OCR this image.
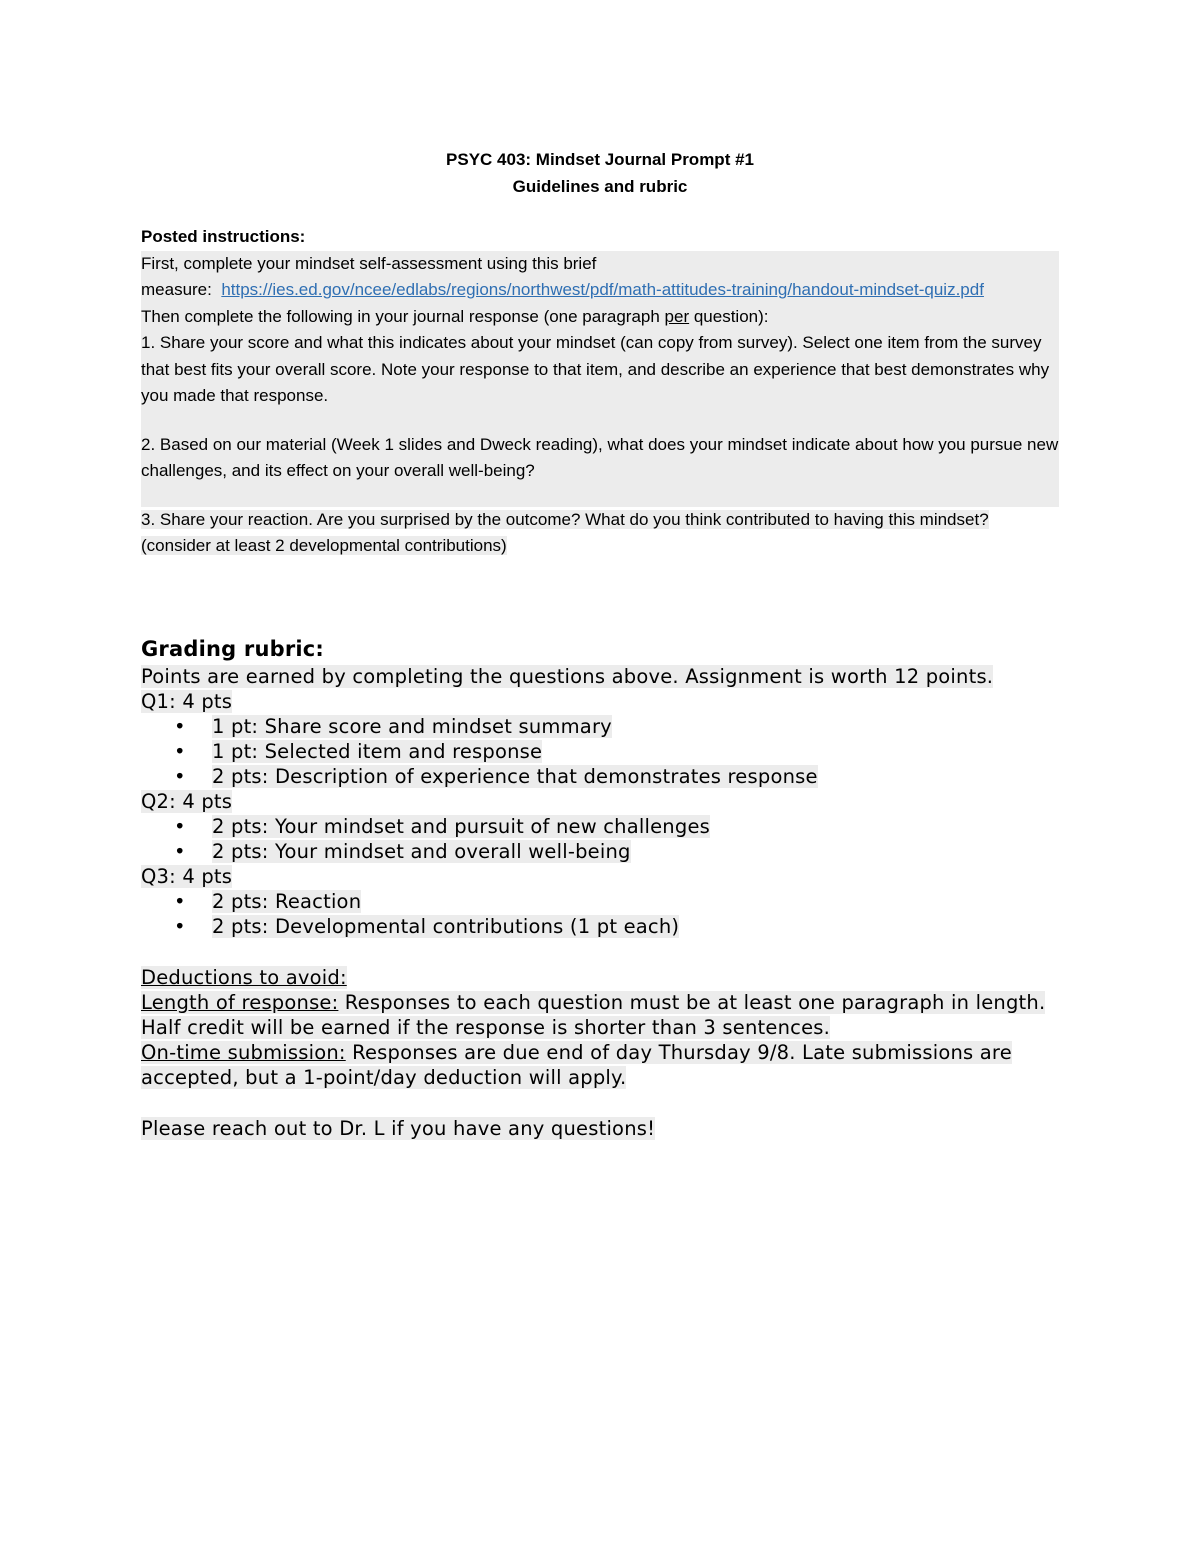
PSYC 403: Mindset Journal Prompt #1
Guidelines and rubric

Posted instructions:

First, complete your mindset self-assessment using this brief

measure: https://ies.ed.gov/ncee/edlabs/regions/northwest/pdf/math-attitudes-training/handout-mindset-quiz.pdf

Then complete the following in your journal response (one paragraph per question):

1. Share your score and what this indicates about your mindset (can copy from survey). Select one item from the survey that best fits your overall score. Note your response to that item, and describe an experience that best demonstrates why you made that response.

2. Based on our material (Week 1 slides and Dweck reading), what does your mindset indicate about how you pursue new challenges, and its effect on your overall well-being?

3. Share your reaction. Are you surprised by the outcome? What do you think contributed to having this mindset? (consider at least 2 developmental contributions)

Grading rubric:

Points are earned by completing the questions above. Assignment is worth 12 points.

Q1: 4 pts

• 1 pt: Share score and mindset summary
• 1 pt: Selected item and response
• 2 pts: Description of experience that demonstrates response

Q2: 4 pts

• 2 pts: Your mindset and pursuit of new challenges
• 2 pts: Your mindset and overall well-being

Q3: 4 pts

• 2 pts: Reaction
• 2 pts: Developmental contributions (1 pt each)

Deductions to avoid:

Length of response: Responses to each question must be at least one paragraph in length. Half credit will be earned if the response is shorter than 3 sentences.

On-time submission: Responses are due end of day Thursday 9/8. Late submissions are accepted, but a 1-point/day deduction will apply.

Please reach out to Dr. L if you have any questions!
